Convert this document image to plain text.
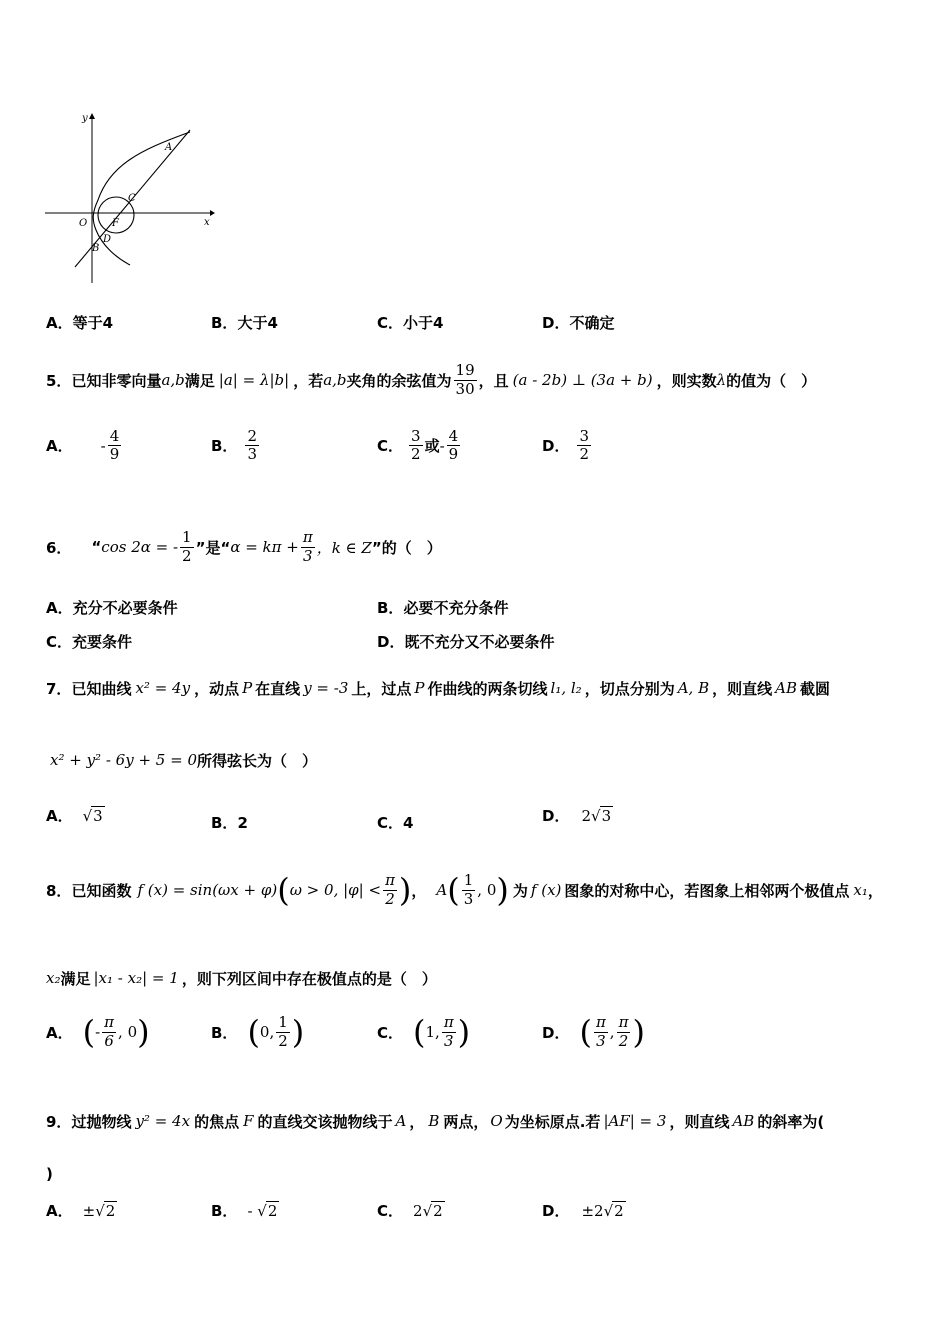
y
x
O
A
C
F
D
B
A．等于4	B．大于4	C．小于4	D．不确定
5． 已知非零向量 a,b 满足 |a| = λ|b| ，若 a,b 夹角的余弦值为 $\frac{19}{30}$ ，且 (a - 2b) ⊥ (3a + b) ，则实数 λ 的值为（　）
A． - $\frac{4}{9}$	B． $\frac{2}{3}$	C． $\frac{3}{2}$ 或 - $\frac{4}{9}$	D． $\frac{3}{2}$
6． “ cos 2α = - $\frac{1}{2}$ ”是“ $\alpha = k\pi + \frac{\pi}{3}$ ，k ∈ Z ”的（　）
A．充分不必要条件	B．必要不充分条件
C．充要条件	D．既不充分又不必要条件
7． 已知曲线 x² = 4y ，动点 P 在直线 y = -3 上，过点 P 作曲线的两条切线 l₁, l₂ ，切点分别为 A, B ，则直线 AB 截圆
x² + y² - 6y + 5 = 0 所得弦长为（　）
A． √3	B．2	C．4	D． 2√3
8． 已知函数 f (x) = sin(ωx + φ) ( ω > 0, $|\varphi| < \frac{\pi}{2}$ ) ， A ( $\frac{1}{3}$ , 0 ) 为 f (x) 图象的对称中心，若图象上相邻两个极值点 x₁ ，
x₂ 满足 |x₁ - x₂| = 1 ，则下列区间中存在极值点的是（　）
A． ( - $\frac{\pi}{6}$ , 0 )	B． ( 0, $\frac{1}{2}$ )	C． ( 1, $\frac{\pi}{3}$ )	D． ( $\frac{\pi}{3}$ , $\frac{\pi}{2}$ )
9． 过抛物线 y² = 4x 的焦点 F 的直线交该抛物线于 A ， B 两点， O 为坐标原点.若 |AF| = 3 ，则直线 AB 的斜率为(
)
A． ±√2	B． - √2	C． 2√2	D． ±2√2
